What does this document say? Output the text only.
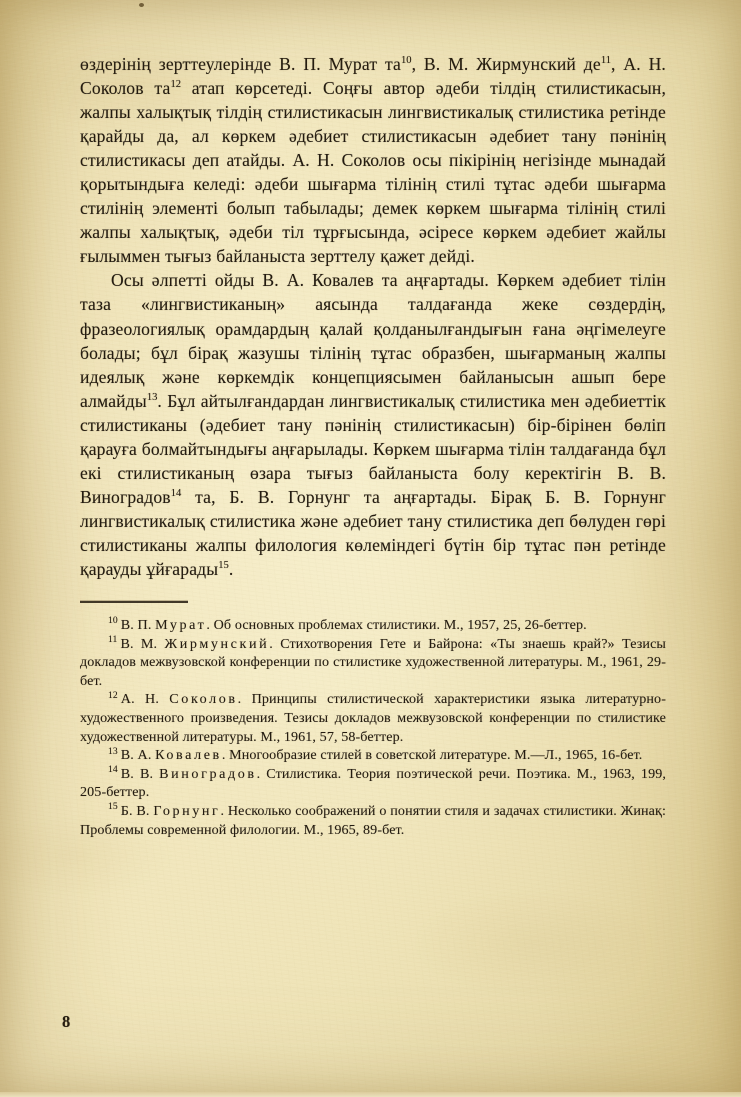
өздерінің зерттеулерінде В. П. Мурат $та^{10}$, В. М. Жирмунский $де^{11}$, А. Н. Соколов $та^{12}$ атап көрсетеді. Соңғы автор әдеби тілдің стилистикасын, жалпы халықтық тілдің стилистикасын лингвистикалық стилистика ретінде қарайды да, ал көркем әдебиет стилистикасын әдебиет тану пәнінің стилистикасы деп атайды. А. Н. Соколов осы пікірінің негізінде мынадай қорытындыға келеді: әдеби шығарма тілінің стилі тұтас әдеби шығарма стилінің элементі болып табылады; демек көркем шығарма тілінің стилі жалпы халықтық, әдеби тіл тұрғысында, әсіресе көркем әдебиет жайлы ғылыммен тығыз байланыста зерттелу қажет дейді.

Осы әлпетті ойды В. А. Ковалев та аңғартады. Көркем әдебиет тілін таза «лингвистиканың» аясында талдағанда жеке сөздердің, фразеологиялық орамдардың қалай қолданылғандығын ғана әңгімелеуге болады; бұл бірақ жазушы тілінің тұтас образбен, шығарманың жалпы идеялық және көркемдік концепциясымен байланысын ашып бере алмайды$^{13}$. Бұл айтылғандардан лингвистикалық стилистика мен әдебиеттік стилистиканы (әдебиет тану пәнінің стилистикасын) бір-бірінен бөліп қарауға болмайтындығы аңғарылады. Көркем шығарма тілін талдағанда бұл екі стилистиканың өзара тығыз байланыста болу керектігін В. В. Виноградов$^{14}$ та, Б. В. Горнунг та аңғартады. Бірақ Б. В. Горнунг лингвистикалық стилистика және әдебиет тану стилистика деп бөлуден гөрі стилистиканы жалпы филология көлеміндегі бүтін бір тұтас пән ретінде қарауды ұйғарады$^{15}$.

$^{10}$ В. П. Мурат. Об основных проблемах стилистики. М., 1957, 25, 26-беттер.

$^{11}$ В. М. Жирмунский. Стихотворения Гете и Байрона: «Ты знаешь край?» Тезисы докладов межвузовской конференции по стилистике художественной литературы. М., 1961, 29-бет.

$^{12}$ А. Н. Соколов. Принципы стилистической характеристики языка литературно-художественного произведения. Тезисы докладов межвузовской конференции по стилистике художественной литературы. М., 1961, 57, 58-беттер.

$^{13}$ В. А. Ковалев. Многообразие стилей в советской литературе. М.—Л., 1965, 16-бет.

$^{14}$ В. В. Виноградов. Стилистика. Теория поэтической речи. Поэтика. М., 1963, 199, 205-беттер.

$^{15}$ Б. В. Горнунг. Несколько соображений о понятии стиля и задачах стилистики. Жинақ: Проблемы современной филологии. М., 1965, 89-бет.

8
